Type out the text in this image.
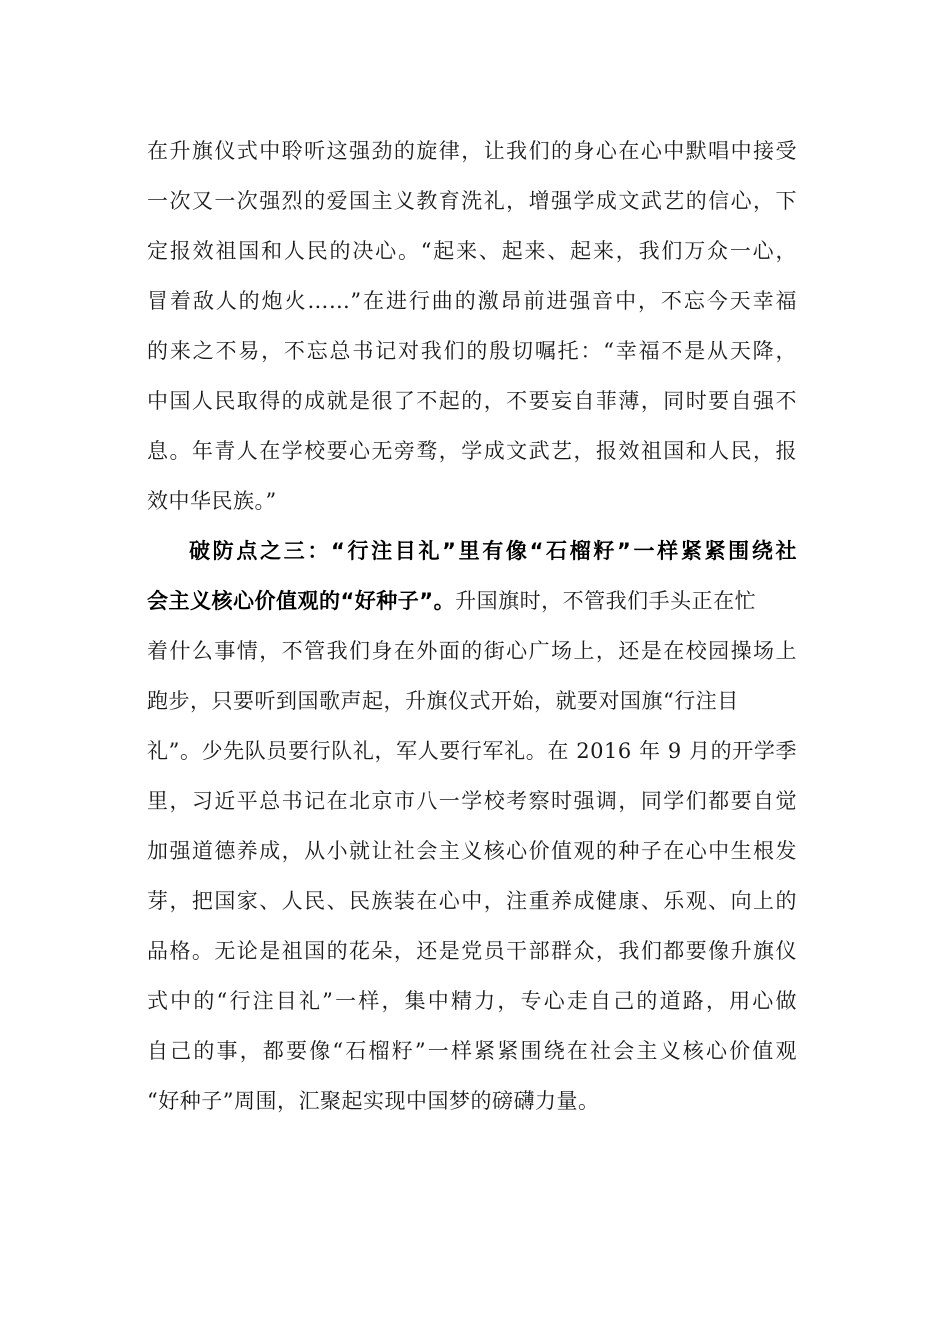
在升旗仪式中聆听这强劲的旋律，让我们的身心在心中默唱中接受
一次又一次强烈的爱国主义教育洗礼，增强学成文武艺的信心，下
定报效祖国和人民的决心。“起来、起来、起来，我们万众一心，
冒着敌人的炮火……”在进行曲的激昂前进强音中，不忘今天幸福
的来之不易，不忘总书记对我们的殷切嘱托：“幸福不是从天降，
中国人民取得的成就是很了不起的，不要妄自菲薄，同时要自强不
息。年青人在学校要心无旁骛，学成文武艺，报效祖国和人民，报
效中华民族。”
破防点之三：“行注目礼”里有像“石榴籽”一样紧紧围绕社
会主义核心价值观的“好种子”。升国旗时，不管我们手头正在忙
着什么事情，不管我们身在外面的街心广场上，还是在校园操场上
跑步，只要听到国歌声起，升旗仪式开始，就要对国旗“行注目
礼”。少先队员要行队礼，军人要行军礼。在 2016 年 9 月的开学季
里，习近平总书记在北京市八一学校考察时强调，同学们都要自觉
加强道德养成，从小就让社会主义核心价值观的种子在心中生根发
芽，把国家、人民、民族装在心中，注重养成健康、乐观、向上的
品格。无论是祖国的花朵，还是党员干部群众，我们都要像升旗仪
式中的“行注目礼”一样，集中精力，专心走自己的道路，用心做
自己的事，都要像“石榴籽”一样紧紧围绕在社会主义核心价值观
“好种子”周围，汇聚起实现中国梦的磅礴力量。
